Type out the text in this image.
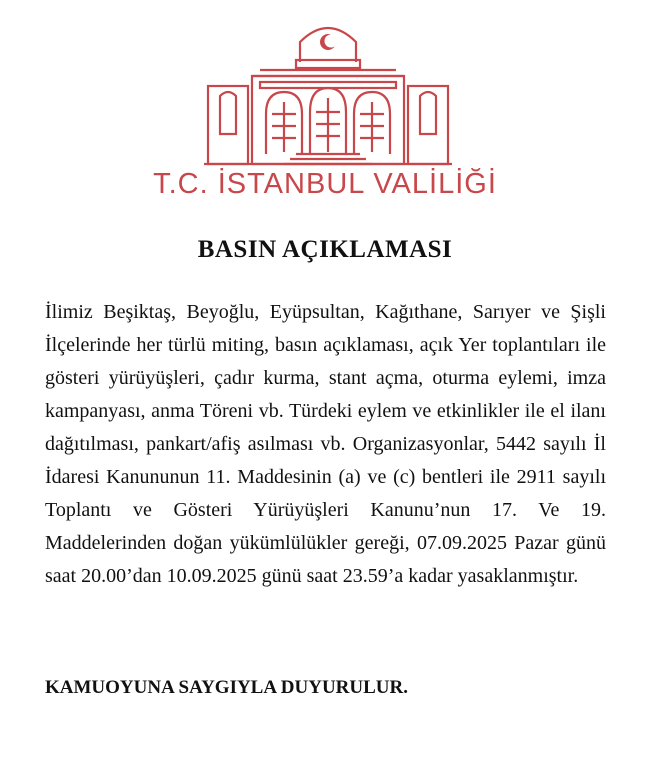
T.C. İSTANBUL VALİLİĞİ
BASIN AÇIKLAMASI

İlimiz Beşiktaş, Beyoğlu, Eyüpsultan, Kağıthane, Sarıyer ve Şişli İlçelerinde her türlü miting, basın açıklaması, açık Yer toplantıları ile gösteri yürüyüşleri, çadır kurma, stant açma, oturma eylemi, imza kampanyası, anma Töreni vb. Türdeki eylem ve etkinlikler ile el ilanı dağıtılması, pankart/afiş asılması vb. Organizasyonlar, 5442 sayılı İl İdaresi Kanununun 11. Maddesinin (a) ve (c) bentleri ile 2911 sayılı Toplantı ve Gösteri Yürüyüşleri Kanunu’nun 17. Ve 19. Maddelerinden doğan yükümlülükler gereği, 07.09.2025 Pazar günü saat 20.00’dan 10.09.2025 günü saat 23.59’a kadar yasaklanmıştır.

KAMUOYUNA SAYGIYLA DUYURULUR.
